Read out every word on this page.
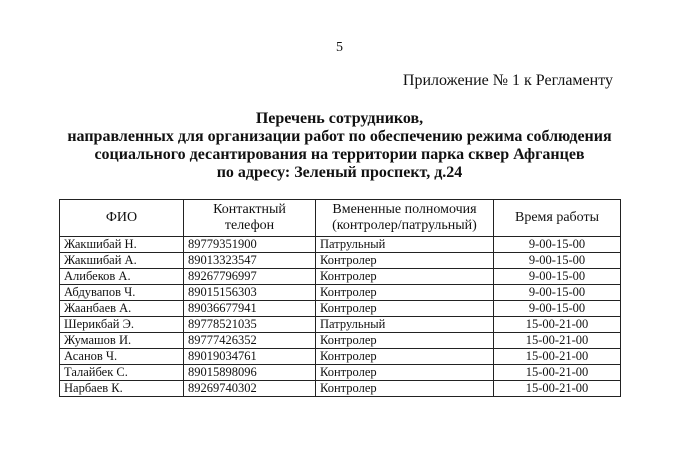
5
Приложение № 1 к Регламенту
Перечень сотрудников,
направленных для организации работ по обеспечению режима соблюдения
социального десантирования на территории парка сквер Афганцев
по адресу: Зеленый проспект, д.24
ФИО	Контактный телефон	Вмененные полномочия (контролер/патрульный)	Время работы
Жакшибай Н.	89779351900	Патрульный	9-00-15-00
Жакшибай А.	89013323547	Контролер	9-00-15-00
Алибеков А.	89267796997	Контролер	9-00-15-00
Абдувапов Ч.	89015156303	Контролер	9-00-15-00
Жаанбаев А.	89036677941	Контролер	9-00-15-00
Шерикбай Э.	89778521035	Патрульный	15-00-21-00
Жумашов И.	89777426352	Контролер	15-00-21-00
Асанов Ч.	89019034761	Контролер	15-00-21-00
Талайбек С.	89015898096	Контролер	15-00-21-00
Нарбаев К.	89269740302	Контролер	15-00-21-00
